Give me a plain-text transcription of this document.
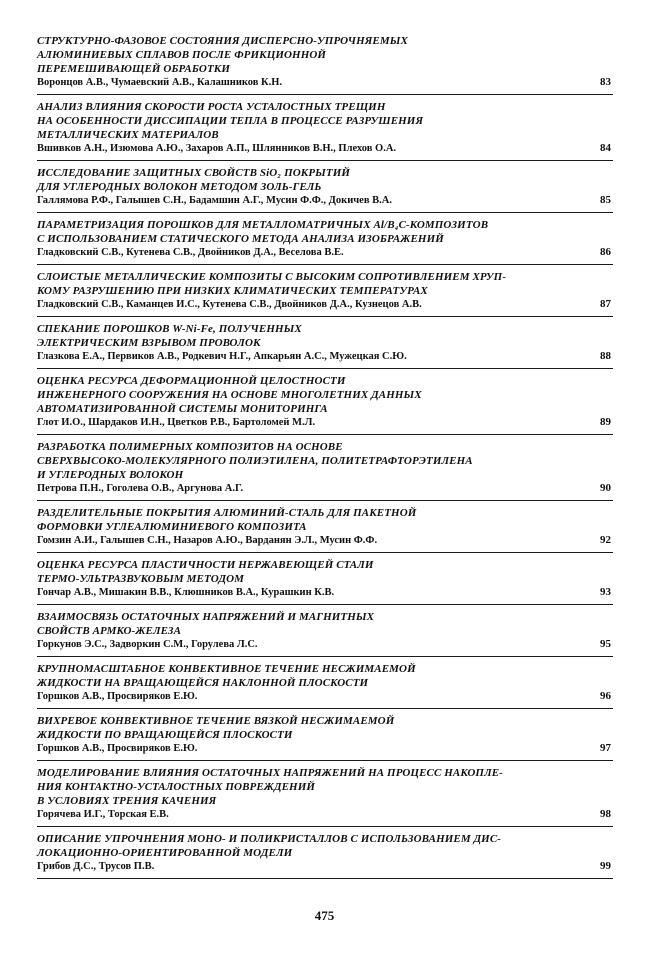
СТРУКТУРНО-ФАЗОВОЕ СОСТОЯНИЯ ДИСПЕРСНО-УПРОЧНЯЕМЫХ
АЛЮМИНИЕВЫХ СПЛАВОВ ПОСЛЕ ФРИКЦИОННОЙ
ПЕРЕМЕШИВАЮЩЕЙ ОБРАБОТКИ
Воронцов А.В., Чумаевский А.В., Калашников К.Н.	83
АНАЛИЗ ВЛИЯНИЯ СКОРОСТИ РОСТА УСТАЛОСТНЫХ ТРЕЩИН
НА ОСОБЕННОСТИ ДИССИПАЦИИ ТЕПЛА В ПРОЦЕССЕ РАЗРУШЕНИЯ
МЕТАЛЛИЧЕСКИХ МАТЕРИАЛОВ
Вшивков А.Н., Изюмова А.Ю., Захаров А.П., Шлянников В.Н., Плехов О.А.	84
ИССЛЕДОВАНИЕ ЗАЩИТНЫХ СВОЙСТВ SiO₂ ПОКРЫТИЙ
ДЛЯ УГЛЕРОДНЫХ ВОЛОКОН МЕТОДОМ ЗОЛЬ-ГЕЛЬ
Галлямова Р.Ф., Галышев С.Н., Бадамшин А.Г., Мусин Ф.Ф., Докичев В.А.	85
ПАРАМЕТРИЗАЦИЯ ПОРОШКОВ ДЛЯ МЕТАЛЛОМАТРИЧНЫХ Al/B₄C-КОМПОЗИТОВ
С ИСПОЛЬЗОВАНИЕМ СТАТИЧЕСКОГО МЕТОДА АНАЛИЗА ИЗОБРАЖЕНИЙ
Гладковский С.В., Кутенева С.В., Двойников Д.А., Веселова В.Е.	86
СЛОИСТЫЕ МЕТАЛЛИЧЕСКИЕ КОМПОЗИТЫ С ВЫСОКИМ СОПРОТИВЛЕНИЕМ ХРУП-
КОМУ РАЗРУШЕНИЮ ПРИ НИЗКИХ КЛИМАТИЧЕСКИХ ТЕМПЕРАТУРАХ
Гладковский С.В., Каманцев И.С., Кутенева С.В., Двойников Д.А., Кузнецов А.В.	87
СПЕКАНИЕ ПОРОШКОВ W-Ni-Fe, ПОЛУЧЕННЫХ
ЭЛЕКТРИЧЕСКИМ ВЗРЫВОМ ПРОВОЛОК
Глазкова Е.А., Первиков А.В., Родкевич Н.Г., Апкарьян А.С., Мужецкая С.Ю.	88
ОЦЕНКА РЕСУРСА ДЕФОРМАЦИОННОЙ ЦЕЛОСТНОСТИ
ИНЖЕНЕРНОГО СООРУЖЕНИЯ НА ОСНОВЕ МНОГОЛЕТНИХ ДАННЫХ
АВТОМАТИЗИРОВАННОЙ СИСТЕМЫ МОНИТОРИНГА
Глот И.О., Шардаков И.Н., Цветков Р.В., Бартоломей М.Л.	89
РАЗРАБОТКА ПОЛИМЕРНЫХ КОМПОЗИТОВ НА ОСНОВЕ
СВЕРХВЫСОКО-МОЛЕКУЛЯРНОГО ПОЛИЭТИЛЕНА, ПОЛИТЕТРАФТОРЭТИЛЕНА
И УГЛЕРОДНЫХ ВОЛОКОН
Петрова П.Н., Гоголева О.В., Аргунова А.Г.	90
РАЗДЕЛИТЕЛЬНЫЕ ПОКРЫТИЯ АЛЮМИНИЙ-СТАЛЬ ДЛЯ ПАКЕТНОЙ
ФОРМОВКИ УГЛЕАЛЮМИНИЕВОГО КОМПОЗИТА
Гомзин А.И., Галышев С.Н., Назаров А.Ю., Варданян Э.Л., Мусин Ф.Ф.	92
ОЦЕНКА РЕСУРСА ПЛАСТИЧНОСТИ НЕРЖАВЕЮЩЕЙ СТАЛИ
ТЕРМО-УЛЬТРАЗВУКОВЫМ МЕТОДОМ
Гончар А.В., Мишакин В.В., Клюшников В.А., Курашкин К.В.	93
ВЗАИМОСВЯЗЬ ОСТАТОЧНЫХ НАПРЯЖЕНИЙ И МАГНИТНЫХ
СВОЙСТВ АРМКО-ЖЕЛЕЗА
Горкунов Э.С., Задворкин С.М., Горулева Л.С.	95
КРУПНОМАСШТАБНОЕ КОНВЕКТИВНОЕ ТЕЧЕНИЕ НЕСЖИМАЕМОЙ
ЖИДКОСТИ НА ВРАЩАЮЩЕЙСЯ НАКЛОННОЙ ПЛОСКОСТИ
Горшков А.В., Просвиряков Е.Ю.	96
ВИХРЕВОЕ КОНВЕКТИВНОЕ ТЕЧЕНИЕ ВЯЗКОЙ НЕСЖИМАЕМОЙ
ЖИДКОСТИ ПО ВРАЩАЮЩЕЙСЯ ПЛОСКОСТИ
Горшков А.В., Просвиряков Е.Ю.	97
МОДЕЛИРОВАНИЕ ВЛИЯНИЯ ОСТАТОЧНЫХ НАПРЯЖЕНИЙ НА ПРОЦЕСС НАКОПЛЕ-
НИЯ КОНТАКТНО-УСТАЛОСТНЫХ ПОВРЕЖДЕНИЙ
В УСЛОВИЯХ ТРЕНИЯ КАЧЕНИЯ
Горячева И.Г., Торская Е.В.	98
ОПИСАНИЕ УПРОЧНЕНИЯ МОНО- И ПОЛИКРИСТАЛЛОВ С ИСПОЛЬЗОВАНИЕМ ДИС-
ЛОКАЦИОННО-ОРИЕНТИРОВАННОЙ МОДЕЛИ
Грибов Д.С., Трусов П.В.	99
475
